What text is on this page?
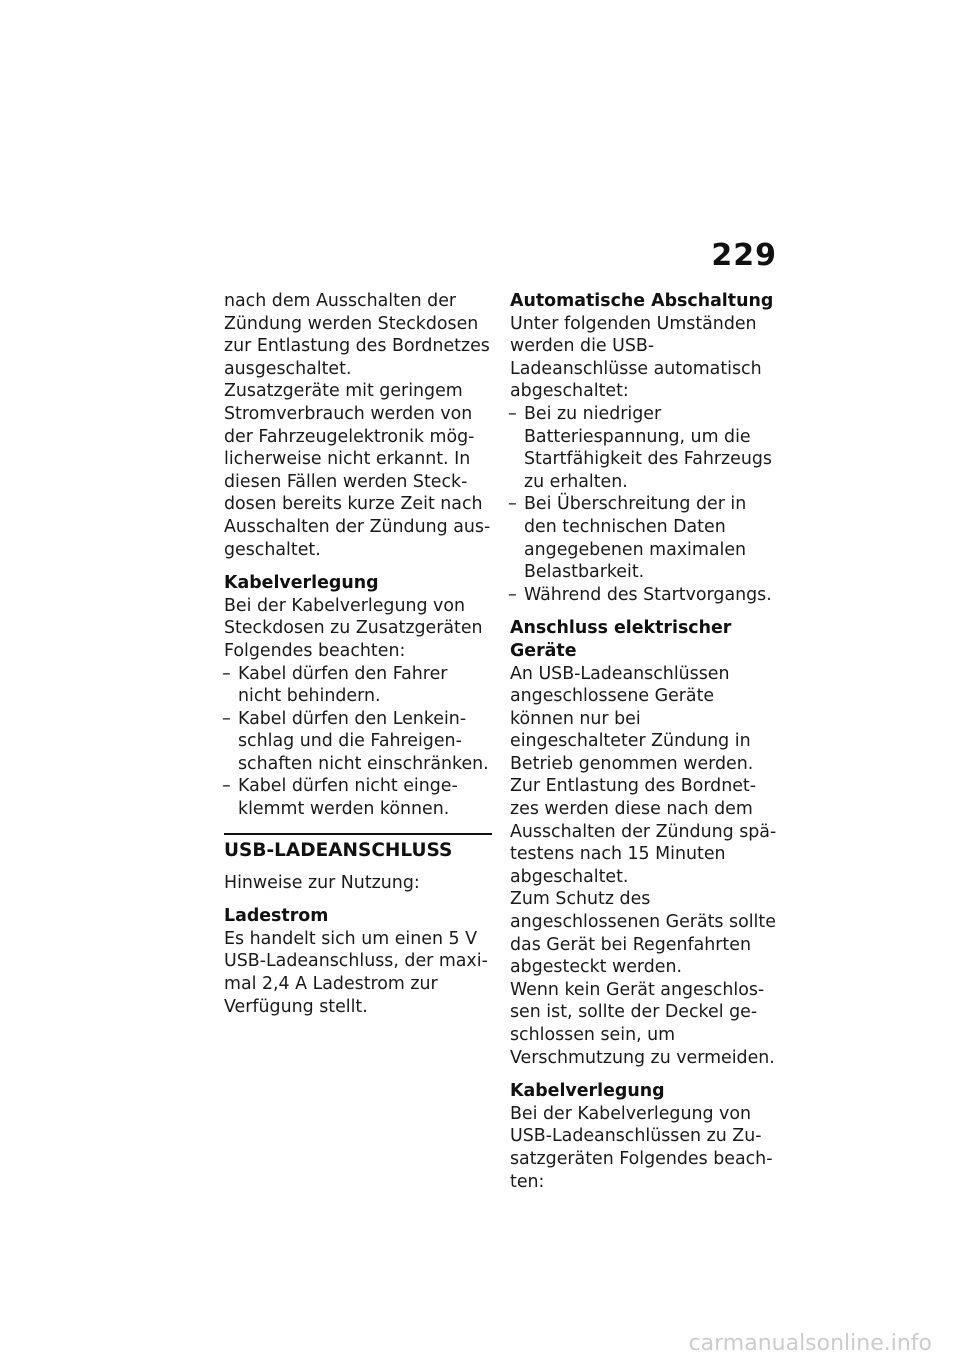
229

nach dem Ausschalten der Zündung werden Steckdosen zur Entlastung des Bordnetzes ausgeschaltet.

Zusatzgeräte mit geringem Stromverbrauch werden von der Fahrzeugelektronik möglicherweise nicht erkannt. In diesen Fällen werden Steckdosen bereits kurze Zeit nach Ausschalten der Zündung ausgeschaltet.

Kabelverlegung

Bei der Kabelverlegung von Steckdosen zu Zusatzgeräten Folgendes beachten:

– Kabel dürfen den Fahrer nicht behindern.
– Kabel dürfen den Lenkeinschlag und die Fahreigenschaften nicht einschränken.
– Kabel dürfen nicht eingeklemmt werden können.
USB-LADEANSCHLUSS

Hinweise zur Nutzung:

Ladestrom

Es handelt sich um einen 5 V USB-Ladeanschluss, der maximal 2,4 A Ladestrom zur Verfügung stellt.

Automatische Abschaltung

Unter folgenden Umständen werden die USB-Ladeanschlüsse automatisch abgeschaltet:

– Bei zu niedriger Batteriespannung, um die Startfähigkeit des Fahrzeugs zu erhalten.
– Bei Überschreitung der in den technischen Daten angegebenen maximalen Belastbarkeit.
– Während des Startvorgangs.
Anschluss elektrischer Geräte

An USB-Ladeanschlüssen angeschlossene Geräte können nur bei eingeschalteter Zündung in Betrieb genommen werden.

Zur Entlastung des Bordnetzes werden diese nach dem Ausschalten der Zündung spätestens nach 15 Minuten abgeschaltet.

Zum Schutz des angeschlossenen Geräts sollte das Gerät bei Regenfahrten abgesteckt werden.

Wenn kein Gerät angeschlossen ist, sollte der Deckel geschlossen sein, um Verschmutzung zu vermeiden.

Kabelverlegung

Bei der Kabelverlegung von USB-Ladeanschlüssen zu Zusatzgeräten Folgendes beachten:

carmanualsonline.info
